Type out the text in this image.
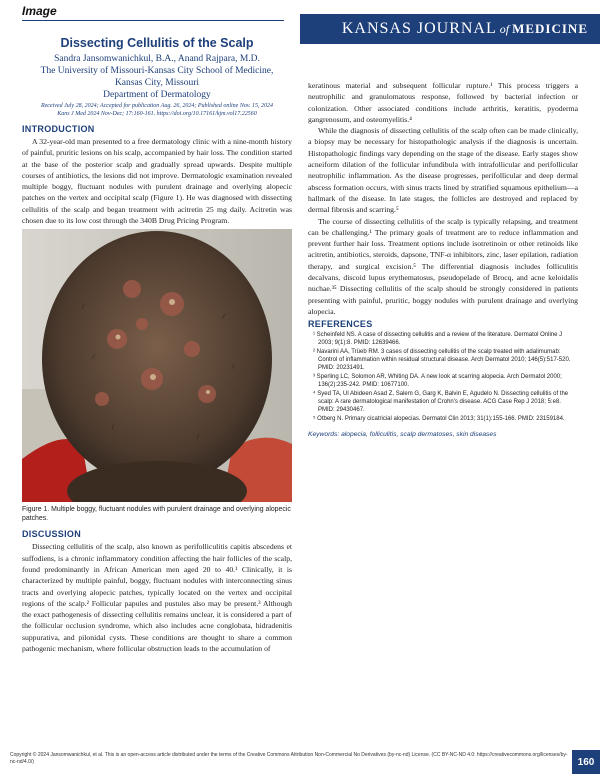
Image
KANSAS JOURNAL of MEDICINE
Dissecting Cellulitis of the Scalp
Sandra Jansomwanichkul, B.A., Anand Rajpara, M.D.
The University of Missouri-Kansas City School of Medicine,
Kansas City, Missouri
Department of Dermatology
Received July 28, 2024; Accepted for publication Aug. 26, 2024; Published online Nov. 15, 2024
Kans J Med 2024 Nov-Dec; 17:160-161. https://doi.org/10.17161/kjm.vol17.22560
INTRODUCTION

A 32-year-old man presented to a free dermatology clinic with a nine-month history of painful, pruritic lesions on his scalp, accompanied by hair loss. The condition started at the base of the posterior scalp and gradually spread upwards. Despite multiple courses of antibiotics, the lesions did not improve. Dermatologic examination revealed multiple boggy, fluctuant nodules with purulent drainage and overlying alopecic patches on the vertex and occipital scalp (Figure 1). He was diagnosed with dissecting cellulitis of the scalp and began treatment with acitretin 25 mg daily. Acitretin was chosen due to its low cost through the 340B Drug Pricing Program.

Figure 1. Multiple boggy, fluctuant nodules with purulent drainage and overlying alopecic patches.
DISCUSSION

Dissecting cellulitis of the scalp, also known as perifolliculitis capitis abscedens et suffodiens, is a chronic inflammatory condition affecting the hair follicles of the scalp, found predominantly in African American men aged 20 to 40.¹ Clinically, it is characterized by multiple painful, boggy, fluctuant nodules with interconnecting sinus tracts and overlying alopecic patches, typically located on the vertex and occipital regions of the scalp.² Follicular papules and pustules also may be present.³ Although the exact pathogenesis of dissecting cellulitis remains unclear, it is considered a part of the follicular occlusion syndrome, which also includes acne conglobata, hidradenitis suppurativa, and pilonidal cysts. These conditions are thought to share a common pathogenic mechanism, where follicular obstruction leads to the accumulation of

keratinous material and subsequent follicular rupture.¹ This process triggers a neutrophilic and granulomatous response, followed by bacterial infection or colonization. Other associated conditions include arthritis, keratitis, pyoderma gangrenosum, and osteomyelitis.⁴

While the diagnosis of dissecting cellulitis of the scalp often can be made clinically, a biopsy may be necessary for histopathologic analysis if the diagnosis is uncertain. Histopathologic findings vary depending on the stage of the disease. Early stages show acneiform dilation of the follicular infundibula with intrafollicular and perifollicular neutrophilic inflammation. As the disease progresses, perifollicular and deep dermal abscess formation occurs, with sinus tracts lined by stratified squamous epithelium—a hallmark of the disease. In late stages, the follicles are destroyed and replaced by dermal fibrosis and scarring.⁵

The course of dissecting cellulitis of the scalp is typically relapsing, and treatment can be challenging.¹ The primary goals of treatment are to reduce inflammation and prevent further hair loss. Treatment options include isotretinoin or other retinoids like acitretin, antibiotics, steroids, dapsone, TNF-α inhibitors, zinc, laser epilation, radiation therapy, and surgical excision.⁵ The differential diagnosis includes folliculitis decalvans, discoid lupus erythematosus, pseudopelade of Brocq, and acne keloidalis nuchae.³⁵ Dissecting cellulitis of the scalp should be strongly considered in patients presenting with painful, pruritic, boggy nodules with purulent drainage and overlying alopecia.

REFERENCES
¹ Scheinfeld NS. A case of dissecting cellulitis and a review of the literature. Dermatol Online J 2003; 9(1):8. PMID: 12639466.
² Navarini AA, Trüeb RM. 3 cases of dissecting cellulitis of the scalp treated with adalimumab: Control of inflammation within residual structural disease. Arch Dermatol 2010; 146(5):517-520. PMID: 20231491.
³ Sperling LC, Solomon AR, Whiting DA. A new look at scarring alopecia. Arch Dermatol 2000; 136(2):235-242. PMID: 10677100.
⁴ Syed TA, Ul Abideen Asad Z, Salem G, Garg K, Balvin E, Agudelo N. Dissecting cellulitis of the scalp: A rare dermatological manifestation of Crohn's disease. ACG Case Rep J 2018; 5:e8. PMID: 29430467.
⁵ Otberg N. Primary cicatricial alopecias. Dermatol Clin 2013; 31(1):155-166. PMID: 23159184.
Keywords: alopecia, folliculitis, scalp dermatoses, skin diseases
Copyright © 2024 Jansomwanichkul, et al. This is an open-access article distributed under the terms of the Creative Commons Attribution Non-Commercial No Derivatives (by-nc-nd) License. (CC BY-NC-ND 4.0: https://creativecommons.org/licenses/by-nc-nd/4.0/)	160
